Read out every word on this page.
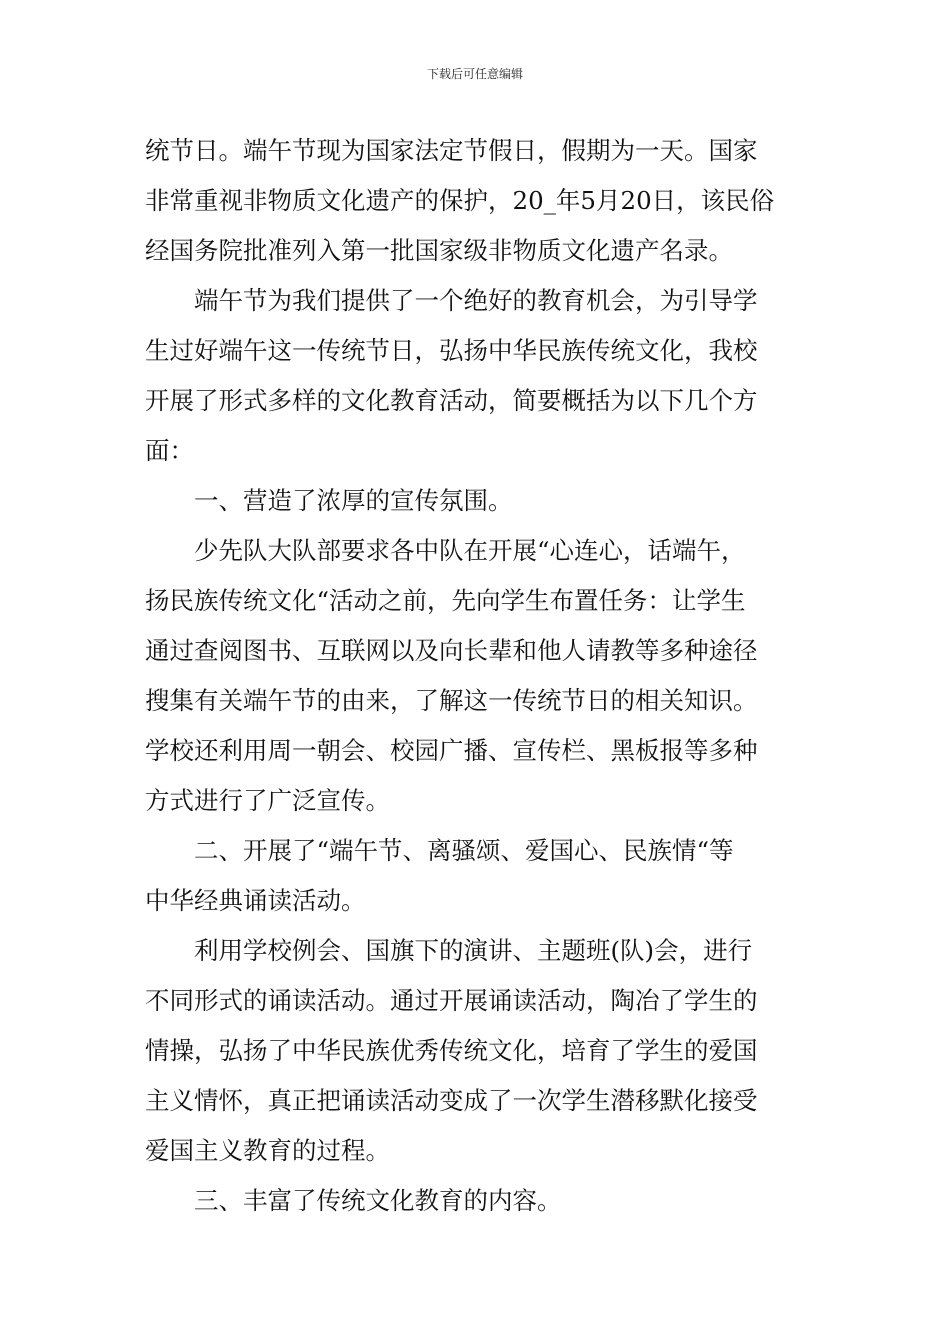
下载后可任意编辑

统节日。端午节现为国家法定节假日，假期为一天。国家
非常重视非物质文化遗产的保护，20_年5月20日，该民俗
经国务院批准列入第一批国家级非物质文化遗产名录。

端午节为我们提供了一个绝好的教育机会，为引导学
生过好端午这一传统节日，弘扬中华民族传统文化，我校
开展了形式多样的文化教育活动，简要概括为以下几个方
面：

一、营造了浓厚的宣传氛围。

少先队大队部要求各中队在开展“心连心，话端午，
扬民族传统文化“活动之前，先向学生布置任务：让学生
通过查阅图书、互联网以及向长辈和他人请教等多种途径
搜集有关端午节的由来，了解这一传统节日的相关知识。
学校还利用周一朝会、校园广播、宣传栏、黑板报等多种
方式进行了广泛宣传。

二、开展了“端午节、离骚颂、爱国心、民族情“等
中华经典诵读活动。

利用学校例会、国旗下的演讲、主题班(队)会，进行
不同形式的诵读活动。通过开展诵读活动，陶冶了学生的
情操，弘扬了中华民族优秀传统文化，培育了学生的爱国
主义情怀，真正把诵读活动变成了一次学生潜移默化接受
爱国主义教育的过程。

三、丰富了传统文化教育的内容。
